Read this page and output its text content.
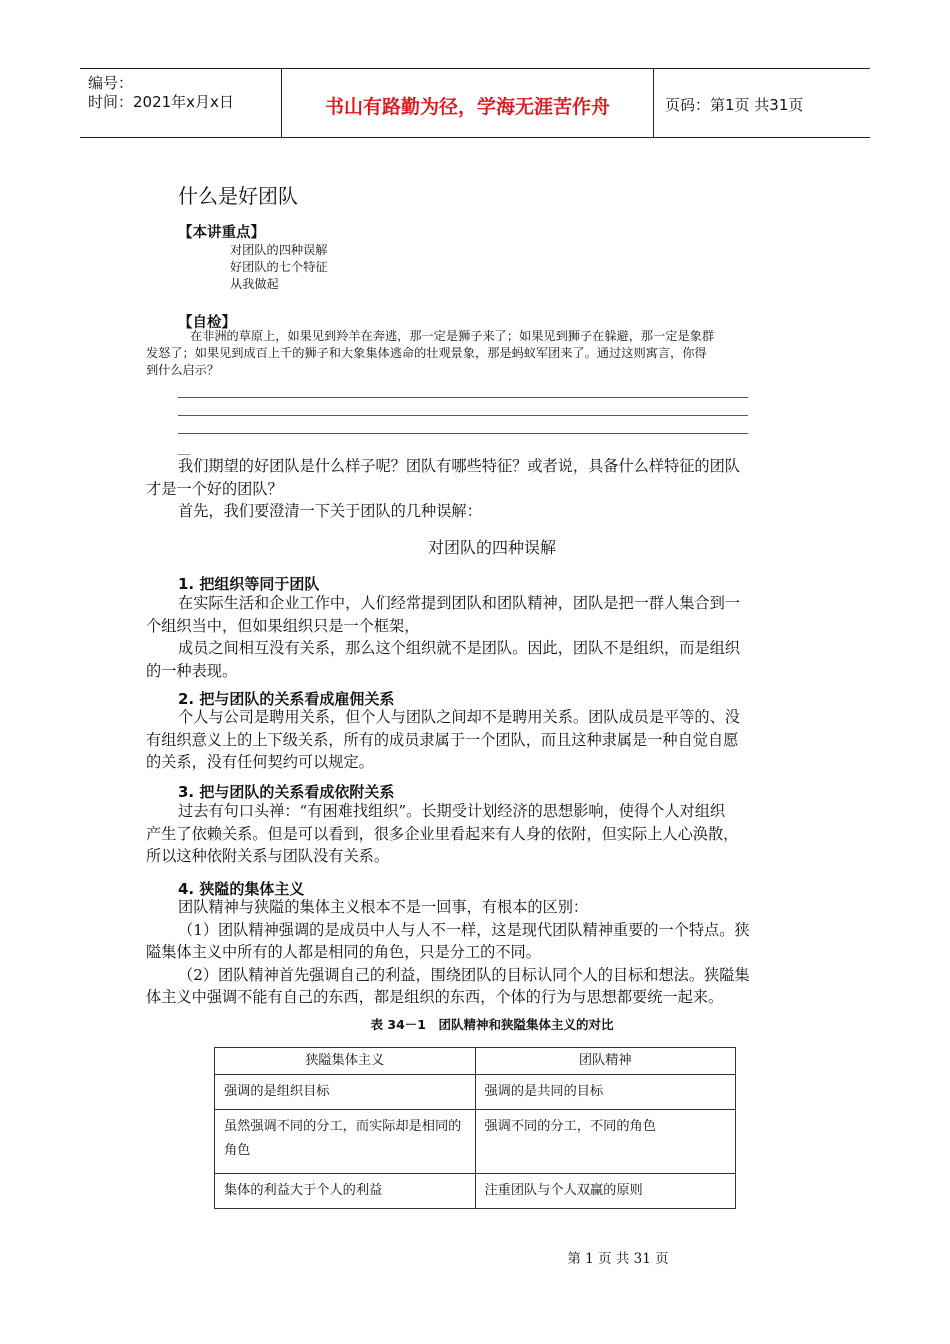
编号：
时间：2021年x月x日	书山有路勤为径，学海无涯苦作舟	页码：第1页 共31页
什么是好团队
【本讲重点】
对团队的四种误解
好团队的七个特征
从我做起
【自检】
在非洲的草原上，如果见到羚羊在奔逃，那一定是狮子来了；如果见到狮子在躲避，那一定是象群
发怒了；如果见到成百上千的狮子和大象集体逃命的壮观景象，那是蚂蚁军团来了。通过这则寓言，你得
到什么启示？
__
我们期望的好团队是什么样子呢？团队有哪些特征？或者说，具备什么样特征的团队
才是一个好的团队？
首先，我们要澄清一下关于团队的几种误解：
对团队的四种误解
1. 把组织等同于团队
在实际生活和企业工作中，人们经常提到团队和团队精神，团队是把一群人集合到一
个组织当中，但如果组织只是一个框架，
成员之间相互没有关系，那么这个组织就不是团队。因此，团队不是组织，而是组织
的一种表现。
2. 把与团队的关系看成雇佣关系
个人与公司是聘用关系，但个人与团队之间却不是聘用关系。团队成员是平等的、没
有组织意义上的上下级关系，所有的成员隶属于一个团队，而且这种隶属是一种自觉自愿
的关系，没有任何契约可以规定。
3. 把与团队的关系看成依附关系
过去有句口头禅：“有困难找组织”。长期受计划经济的思想影响，使得个人对组织
产生了依赖关系。但是可以看到，很多企业里看起来有人身的依附，但实际上人心涣散，
所以这种依附关系与团队没有关系。
4. 狭隘的集体主义
团队精神与狭隘的集体主义根本不是一回事，有根本的区别：
（1）团队精神强调的是成员中人与人不一样，这是现代团队精神重要的一个特点。狭
隘集体主义中所有的人都是相同的角色，只是分工的不同。
（2）团队精神首先强调自己的利益，围绕团队的目标认同个人的目标和想法。狭隘集
体主义中强调不能有自己的东西，都是组织的东西，个体的行为与思想都要统一起来。
表 34－1　团队精神和狭隘集体主义的对比
狭隘集体主义	团队精神
强调的是组织目标	强调的是共同的目标
虽然强调不同的分工，而实际却是相同的角色	强调不同的分工，不同的角色
集体的利益大于个人的利益	注重团队与个人双赢的原则
第 1 页 共 31 页
